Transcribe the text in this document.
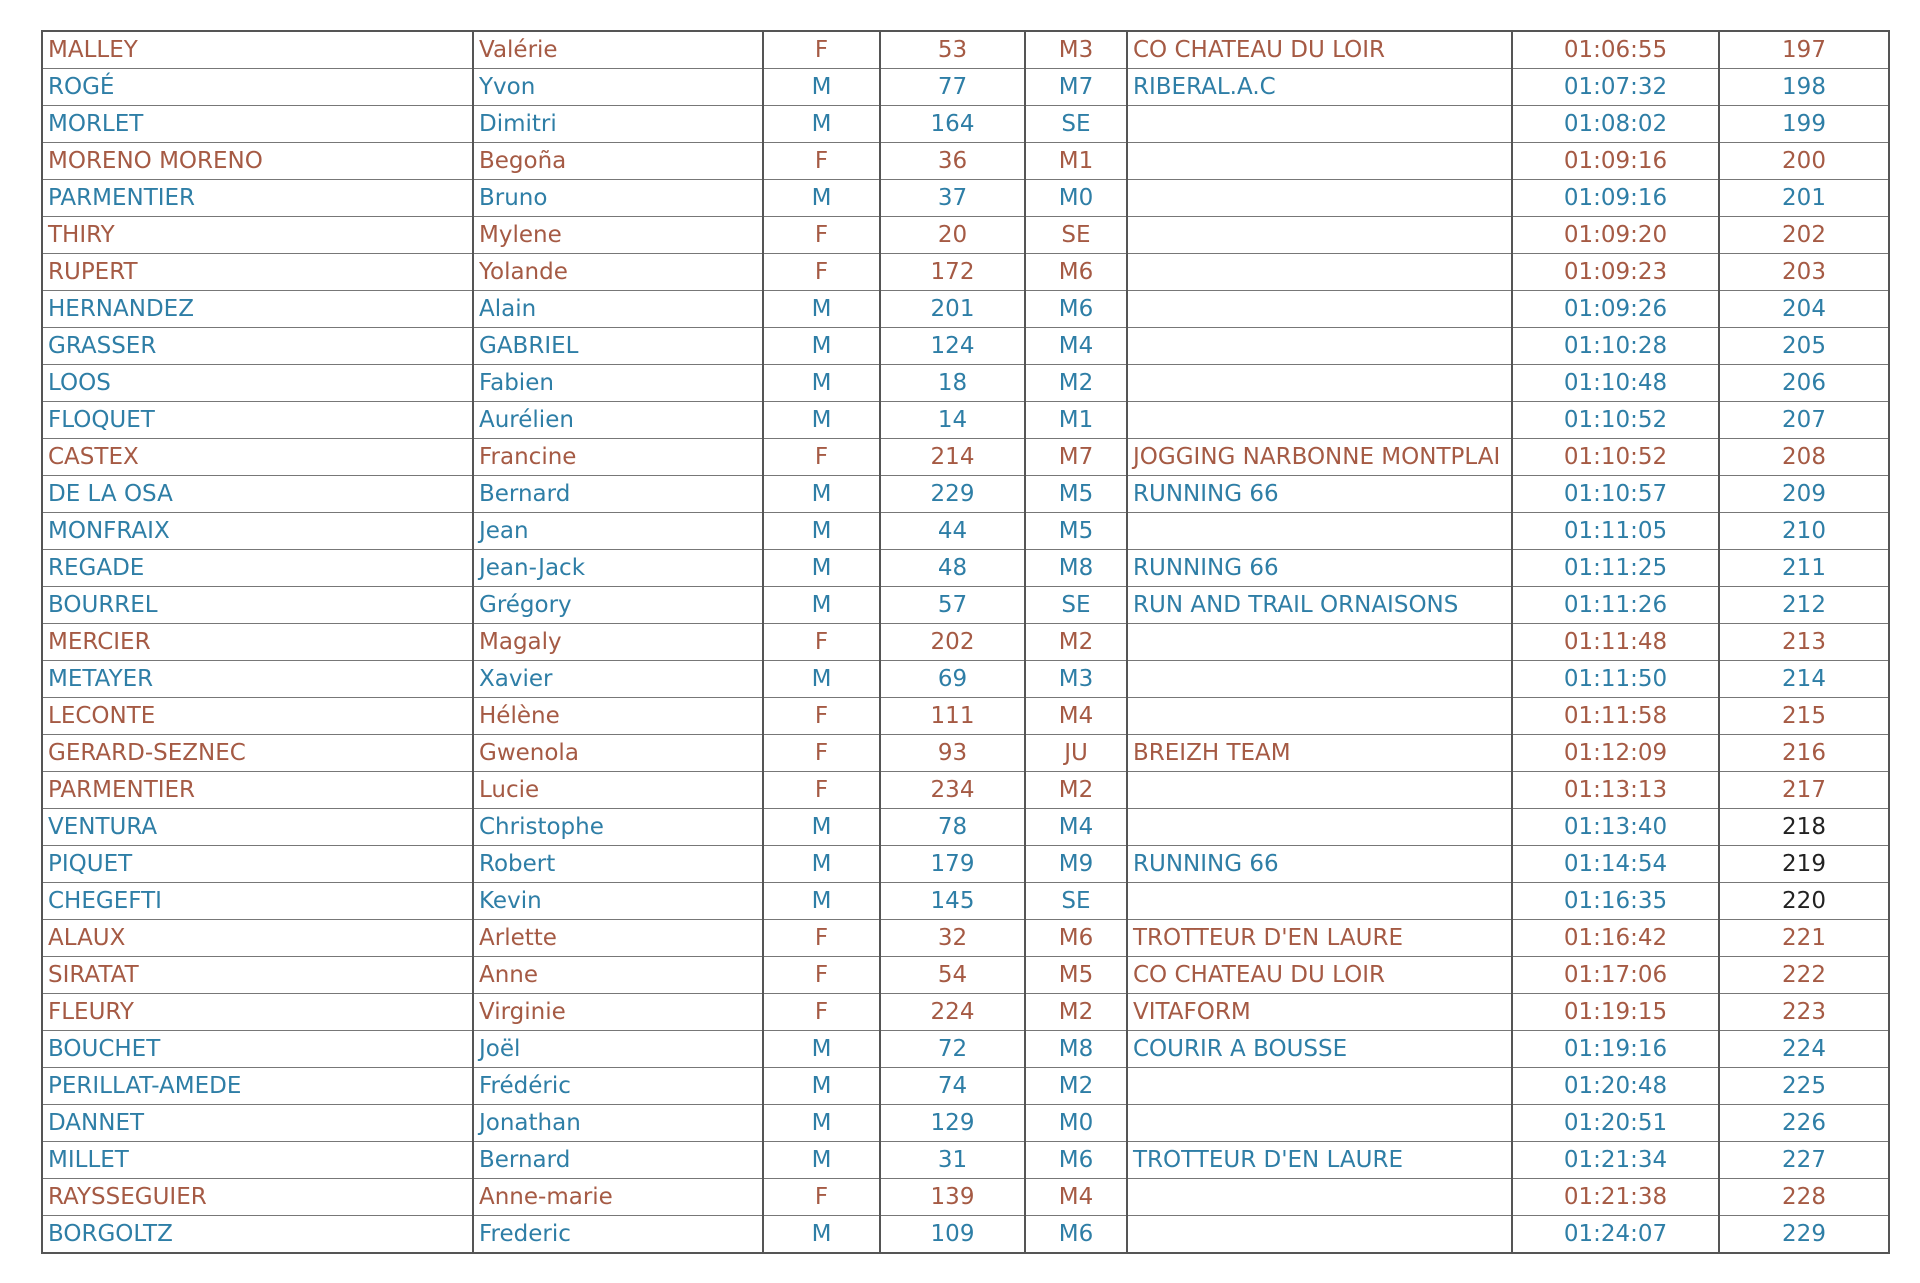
MALLEY	Valérie	F	53	M3	CO CHATEAU DU LOIR	01:06:55	197
ROGÉ	Yvon	M	77	M7	RIBERAL.A.C	01:07:32	198
MORLET	Dimitri	M	164	SE		01:08:02	199
MORENO MORENO	Begoña	F	36	M1		01:09:16	200
PARMENTIER	Bruno	M	37	M0		01:09:16	201
THIRY	Mylene	F	20	SE		01:09:20	202
RUPERT	Yolande	F	172	M6		01:09:23	203
HERNANDEZ	Alain	M	201	M6		01:09:26	204
GRASSER	GABRIEL	M	124	M4		01:10:28	205
LOOS	Fabien	M	18	M2		01:10:48	206
FLOQUET	Aurélien	M	14	M1		01:10:52	207
CASTEX	Francine	F	214	M7	JOGGING NARBONNE MONTPLAI	01:10:52	208
DE LA OSA	Bernard	M	229	M5	RUNNING 66	01:10:57	209
MONFRAIX	Jean	M	44	M5		01:11:05	210
REGADE	Jean-Jack	M	48	M8	RUNNING 66	01:11:25	211
BOURREL	Grégory	M	57	SE	RUN AND TRAIL ORNAISONS	01:11:26	212
MERCIER	Magaly	F	202	M2		01:11:48	213
METAYER	Xavier	M	69	M3		01:11:50	214
LECONTE	Hélène	F	111	M4		01:11:58	215
GERARD-SEZNEC	Gwenola	F	93	JU	BREIZH TEAM	01:12:09	216
PARMENTIER	Lucie	F	234	M2		01:13:13	217
VENTURA	Christophe	M	78	M4		01:13:40	218
PIQUET	Robert	M	179	M9	RUNNING 66	01:14:54	219
CHEGEFTI	Kevin	M	145	SE		01:16:35	220
ALAUX	Arlette	F	32	M6	TROTTEUR D'EN LAURE	01:16:42	221
SIRATAT	Anne	F	54	M5	CO CHATEAU DU LOIR	01:17:06	222
FLEURY	Virginie	F	224	M2	VITAFORM	01:19:15	223
BOUCHET	Joël	M	72	M8	COURIR A BOUSSE	01:19:16	224
PERILLAT-AMEDE	Frédéric	M	74	M2		01:20:48	225
DANNET	Jonathan	M	129	M0		01:20:51	226
MILLET	Bernard	M	31	M6	TROTTEUR D'EN LAURE	01:21:34	227
RAYSSEGUIER	Anne-marie	F	139	M4		01:21:38	228
BORGOLTZ	Frederic	M	109	M6		01:24:07	229
